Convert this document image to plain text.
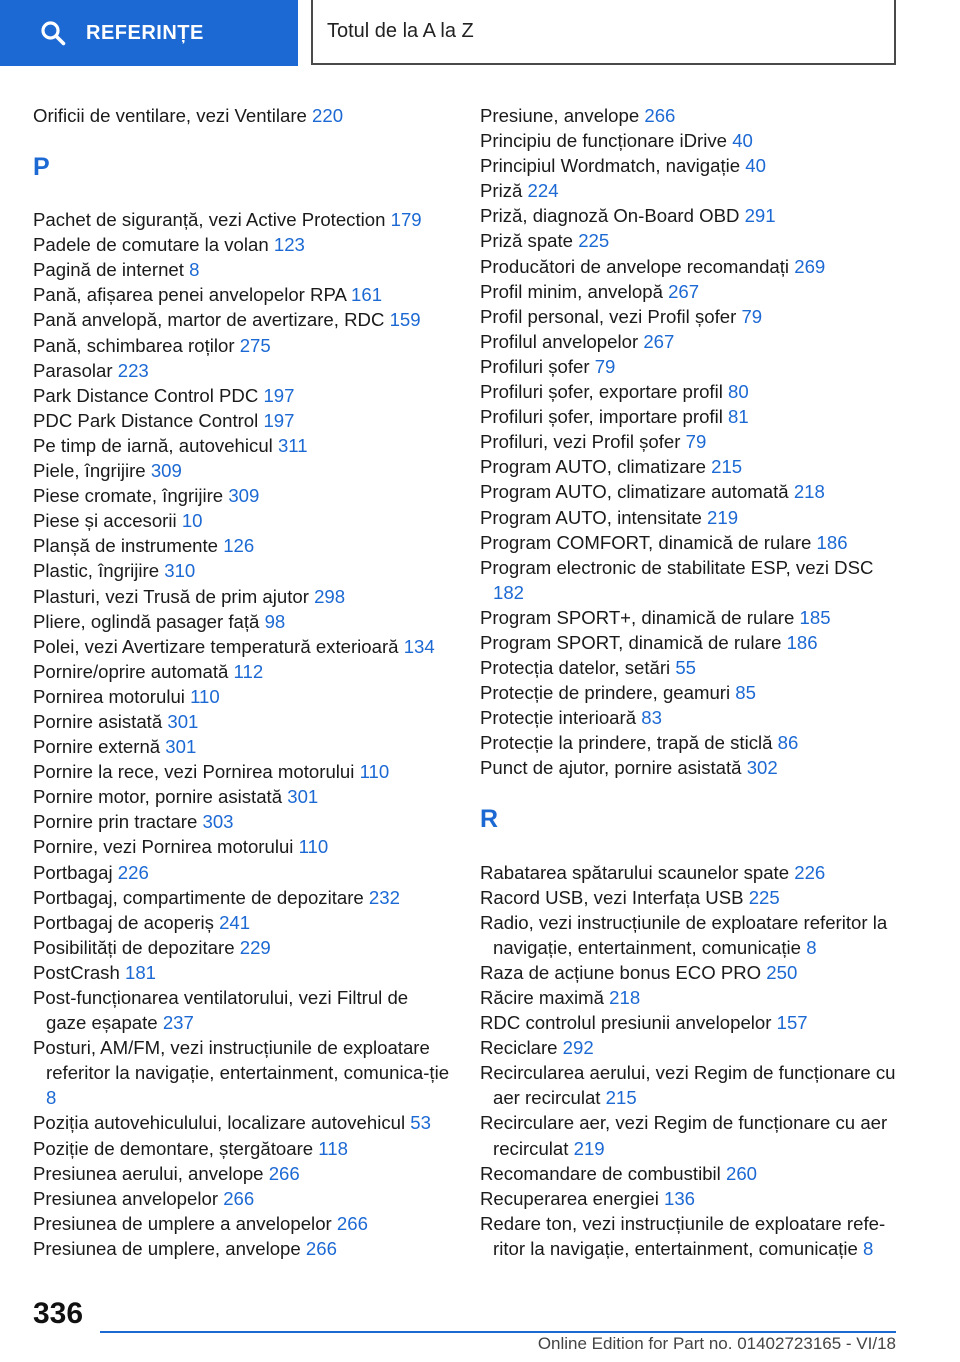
REFERINȚE	Totul de la A la Z
Orificii de ventilare, vezi Ventilare 220
P
Pachet de siguranță, vezi Active Protection 179
Padele de comutare la volan 123
Pagină de internet 8
Pană, afișarea penei anvelopelor RPA 161
Pană anvelopă, martor de avertizare, RDC 159
Pană, schimbarea roților 275
Parasolar 223
Park Distance Control PDC 197
PDC Park Distance Control 197
Pe timp de iarnă, autovehicul 311
Piele, îngrijire 309
Piese cromate, îngrijire 309
Piese și accesorii 10
Planșă de instrumente 126
Plastic, îngrijire 310
Plasturi, vezi Trusă de prim ajutor 298
Pliere, oglindă pasager față 98
Polei, vezi Avertizare temperatură exterioară 134
Pornire/oprire automată 112
Pornirea motorului 110
Pornire asistată 301
Pornire externă 301
Pornire la rece, vezi Pornirea motorului 110
Pornire motor, pornire asistată 301
Pornire prin tractare 303
Pornire, vezi Pornirea motorului 110
Portbagaj 226
Portbagaj, compartimente de depozitare 232
Portbagaj de acoperiș 241
Posibilități de depozitare 229
PostCrash 181
Post-funcționarea ventilatorului, vezi Filtrul de gaze eșapate 237
Posturi, AM/FM, vezi instrucțiunile de exploatare referitor la navigație, entertainment, comunica-ție 8
Poziția autovehiculului, localizare autovehicul 53
Poziție de demontare, ștergătoare 118
Presiunea aerului, anvelope 266
Presiunea anvelopelor 266
Presiunea de umplere a anvelopelor 266
Presiunea de umplere, anvelope 266
Presiune, anvelope 266
Principiu de funcționare iDrive 40
Principiul Wordmatch, navigație 40
Priză 224
Priză, diagnoză On-Board OBD 291
Priză spate 225
Producători de anvelope recomandați 269
Profil minim, anvelopă 267
Profil personal, vezi Profil șofer 79
Profilul anvelopelor 267
Profiluri șofer 79
Profiluri șofer, exportare profil 80
Profiluri șofer, importare profil 81
Profiluri, vezi Profil șofer 79
Program AUTO, climatizare 215
Program AUTO, climatizare automată 218
Program AUTO, intensitate 219
Program COMFORT, dinamică de rulare 186
Program electronic de stabilitate ESP, vezi DSC 182
Program SPORT+, dinamică de rulare 185
Program SPORT, dinamică de rulare 186
Protecția datelor, setări 55
Protecție de prindere, geamuri 85
Protecție interioară 83
Protecție la prindere, trapă de sticlă 86
Punct de ajutor, pornire asistată 302
R
Rabatarea spătarului scaunelor spate 226
Racord USB, vezi Interfața USB 225
Radio, vezi instrucțiunile de exploatare referitor la navigație, entertainment, comunicație 8
Raza de acțiune bonus ECO PRO 250
Răcire maximă 218
RDC controlul presiunii anvelopelor 157
Reciclare 292
Recircularea aerului, vezi Regim de funcționare cu aer recirculat 215
Recirculare aer, vezi Regim de funcționare cu aer recirculat 219
Recomandare de combustibil 260
Recuperarea energiei 136
Redare ton, vezi instrucțiunile de exploatare refe-ritor la navigație, entertainment, comunicație 8
336
Online Edition for Part no. 01402723165 - VI/18
